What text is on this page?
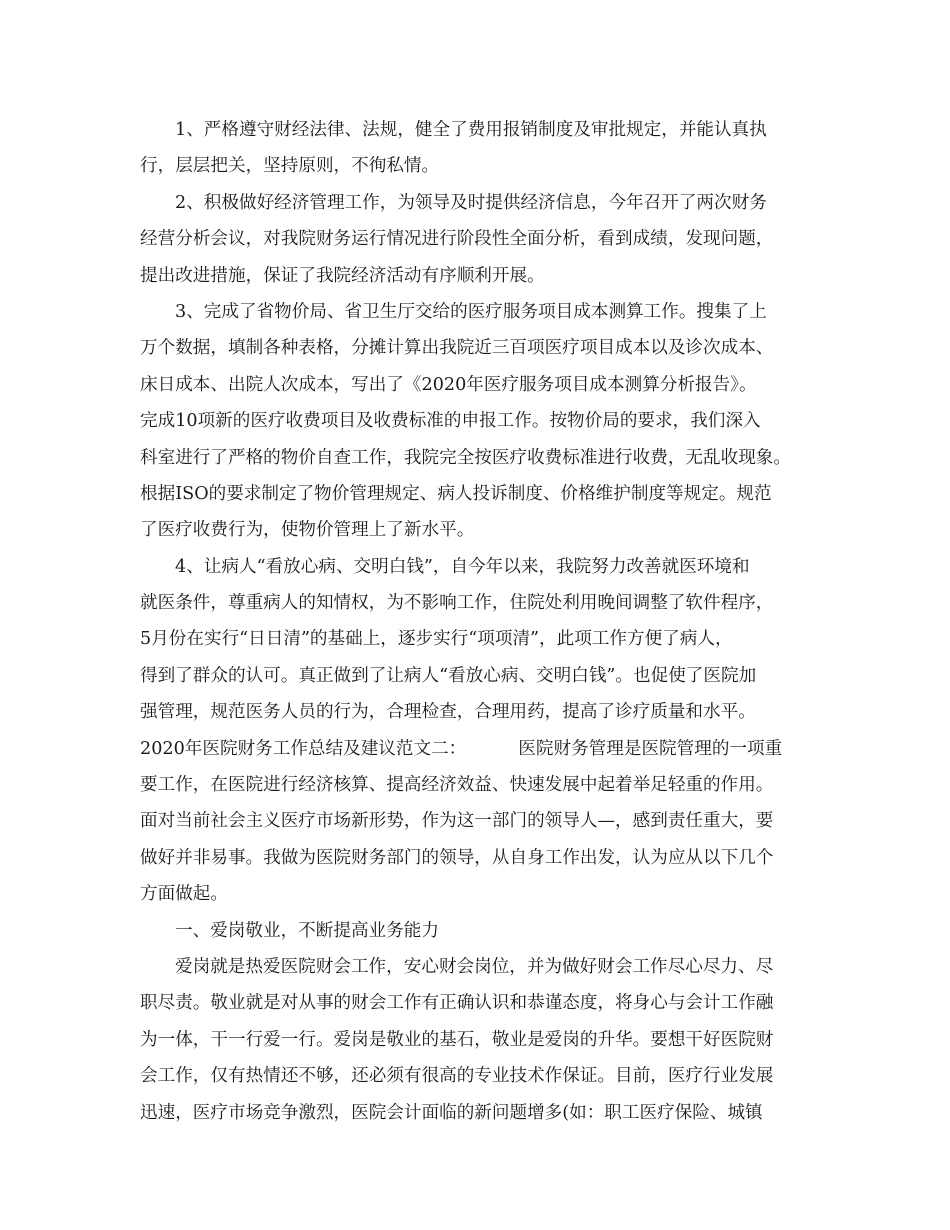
1、严格遵守财经法律、法规，健全了费用报销制度及审批规定，并能认真执
行，层层把关，坚持原则，不徇私情。
2、积极做好经济管理工作，为领导及时提供经济信息，今年召开了两次财务
经营分析会议，对我院财务运行情况进行阶段性全面分析，看到成绩，发现问题，
提出改进措施，保证了我院经济活动有序顺利开展。
3、完成了省物价局、省卫生厅交给的医疗服务项目成本测算工作。搜集了上
万个数据，填制各种表格，分摊计算出我院近三百项医疗项目成本以及诊次成本、
床日成本、出院人次成本，写出了《2020年医疗服务项目成本测算分析报告》。
完成10项新的医疗收费项目及收费标准的申报工作。按物价局的要求，我们深入
科室进行了严格的物价自查工作，我院完全按医疗收费标准进行收费，无乱收现象。
根据ISO的要求制定了物价管理规定、病人投诉制度、价格维护制度等规定。规范
了医疗收费行为，使物价管理上了新水平。
4、让病人“看放心病、交明白钱”，自今年以来，我院努力改善就医环境和
就医条件，尊重病人的知情权，为不影响工作，住院处利用晚间调整了软件程序，
5月份在实行“日日清”的基础上，逐步实行“项项清”，此项工作方便了病人，
得到了群众的认可。真正做到了让病人“看放心病、交明白钱”。也促使了医院加
强管理，规范医务人员的行为，合理检查，合理用药，提高了诊疗质量和水平。
2020年医院财务工作总结及建议范文二：	医院财务管理是医院管理的一项重
要工作，在医院进行经济核算、提高经济效益、快速发展中起着举足轻重的作用。
面对当前社会主义医疗市场新形势，作为这一部门的领导人—，感到责任重大，要
做好并非易事。我做为医院财务部门的领导，从自身工作出发，认为应从以下几个
方面做起。
一、爱岗敬业，不断提高业务能力
爱岗就是热爱医院财会工作，安心财会岗位，并为做好财会工作尽心尽力、尽
职尽责。敬业就是对从事的财会工作有正确认识和恭谨态度，将身心与会计工作融
为一体，干一行爱一行。爱岗是敬业的基石，敬业是爱岗的升华。要想干好医院财
会工作，仅有热情还不够，还必须有很高的专业技术作保证。目前，医疗行业发展
迅速，医疗市场竞争激烈，医院会计面临的新问题增多(如：职工医疗保险、城镇
